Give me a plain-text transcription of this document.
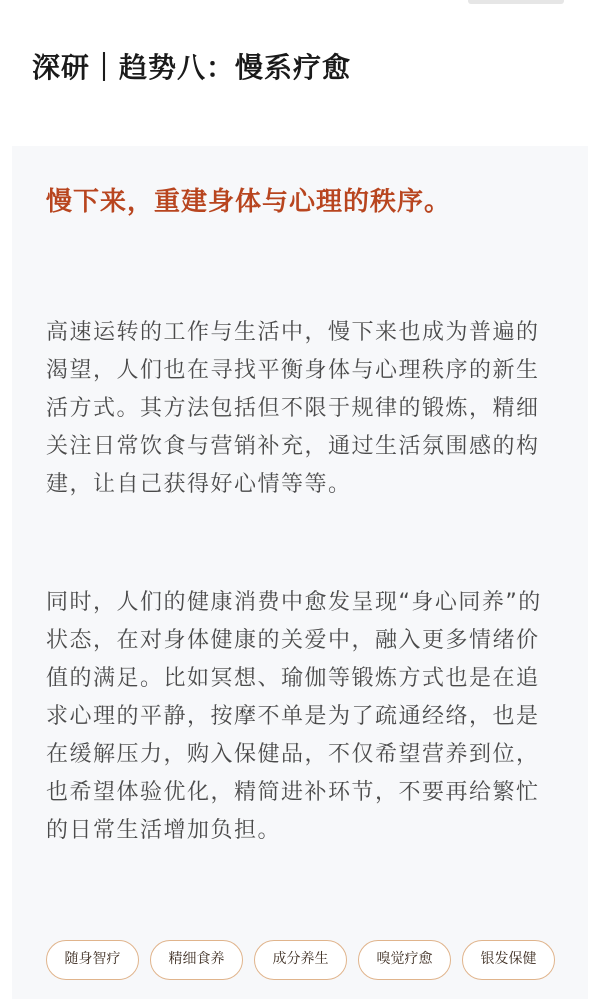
深研｜趋势八：慢系疗愈
慢下来，重建身体与心理的秩序。

高速运转的工作与生活中，慢下来也成为普遍的渴望，人们也在寻找平衡身体与心理秩序的新生活方式。其方法包括但不限于规律的锻炼，精细关注日常饮食与营销补充，通过生活氛围感的构建，让自己获得好心情等等。

同时，人们的健康消费中愈发呈现“身心同养”的状态，在对身体健康的关爱中，融入更多情绪价值的满足。比如冥想、瑜伽等锻炼方式也是在追求心理的平静，按摩不单是为了疏通经络，也是在缓解压力，购入保健品，不仅希望营养到位，也希望体验优化，精简进补环节，不要再给繁忙的日常生活增加负担。

随身智疗	精细食养	成分养生	嗅觉疗愈	银发保健
